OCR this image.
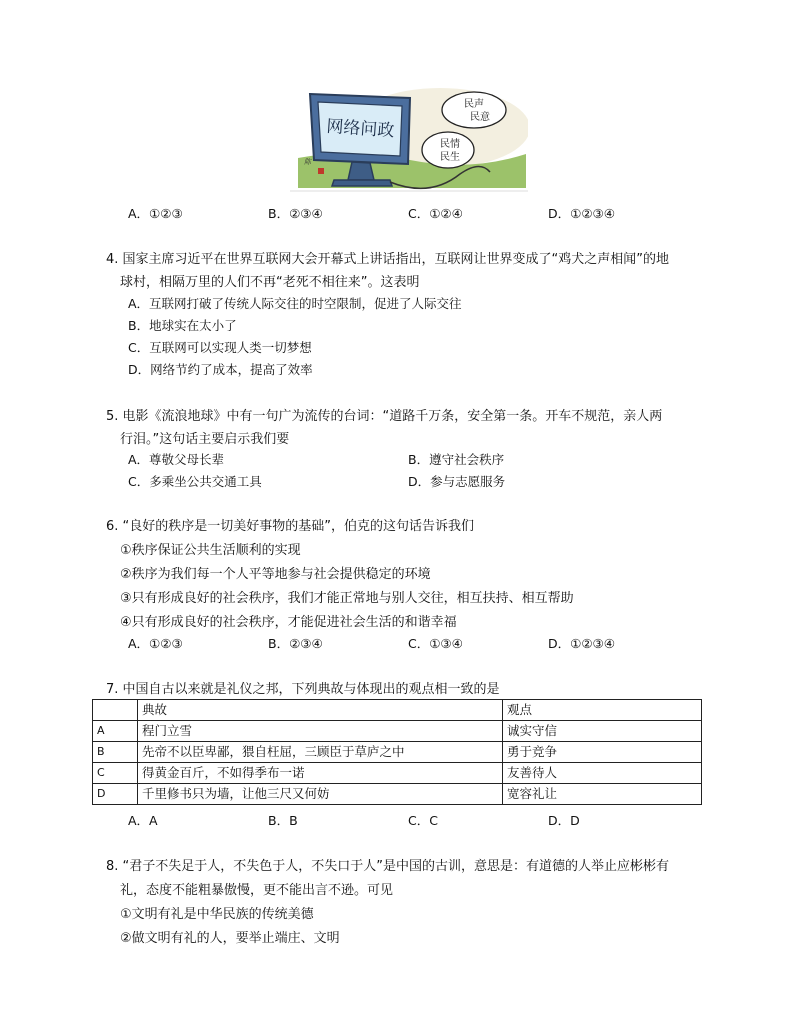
网络问政
民声
民意
民情
民生
陈
A．①②③	B．②③④	C．①②④	D．①②③④
4. 国家主席习近平在世界互联网大会开幕式上讲话指出，互联网让世界变成了“鸡犬之声相闻”的地
球村，相隔万里的人们不再“老死不相往来”。这表明
A．互联网打破了传统人际交往的时空限制，促进了人际交往
B．地球实在太小了
C．互联网可以实现人类一切梦想
D．网络节约了成本，提高了效率
5. 电影《流浪地球》中有一句广为流传的台词：“道路千万条，安全第一条。开车不规范，亲人两
行泪。”这句话主要启示我们要
A．尊敬父母长辈	B．遵守社会秩序
C．多乘坐公共交通工具	D．参与志愿服务
6. “良好的秩序是一切美好事物的基础”，伯克的这句话告诉我们
①秩序保证公共生活顺利的实现
②秩序为我们每一个人平等地参与社会提供稳定的环境
③只有形成良好的社会秩序，我们才能正常地与别人交往，相互扶持、相互帮助
④只有形成良好的社会秩序，才能促进社会生活的和谐幸福
A．①②③	B．②③④	C．①③④	D．①②③④
7. 中国自古以来就是礼仪之邦，下列典故与体现出的观点相一致的是
	典故	观点
A	程门立雪	诚实守信
B	先帝不以臣卑鄙，猥自枉屈，三顾臣于草庐之中	勇于竞争
C	得黄金百斤，不如得季布一诺	友善待人
D	千里修书只为墙，让他三尺又何妨	宽容礼让
A．A	B．B	C．C	D．D
8. “君子不失足于人，不失色于人，不失口于人”是中国的古训，意思是：有道德的人举止应彬彬有
礼，态度不能粗暴傲慢，更不能出言不逊。可见
①文明有礼是中华民族的传统美德
②做文明有礼的人，要举止端庄、文明
